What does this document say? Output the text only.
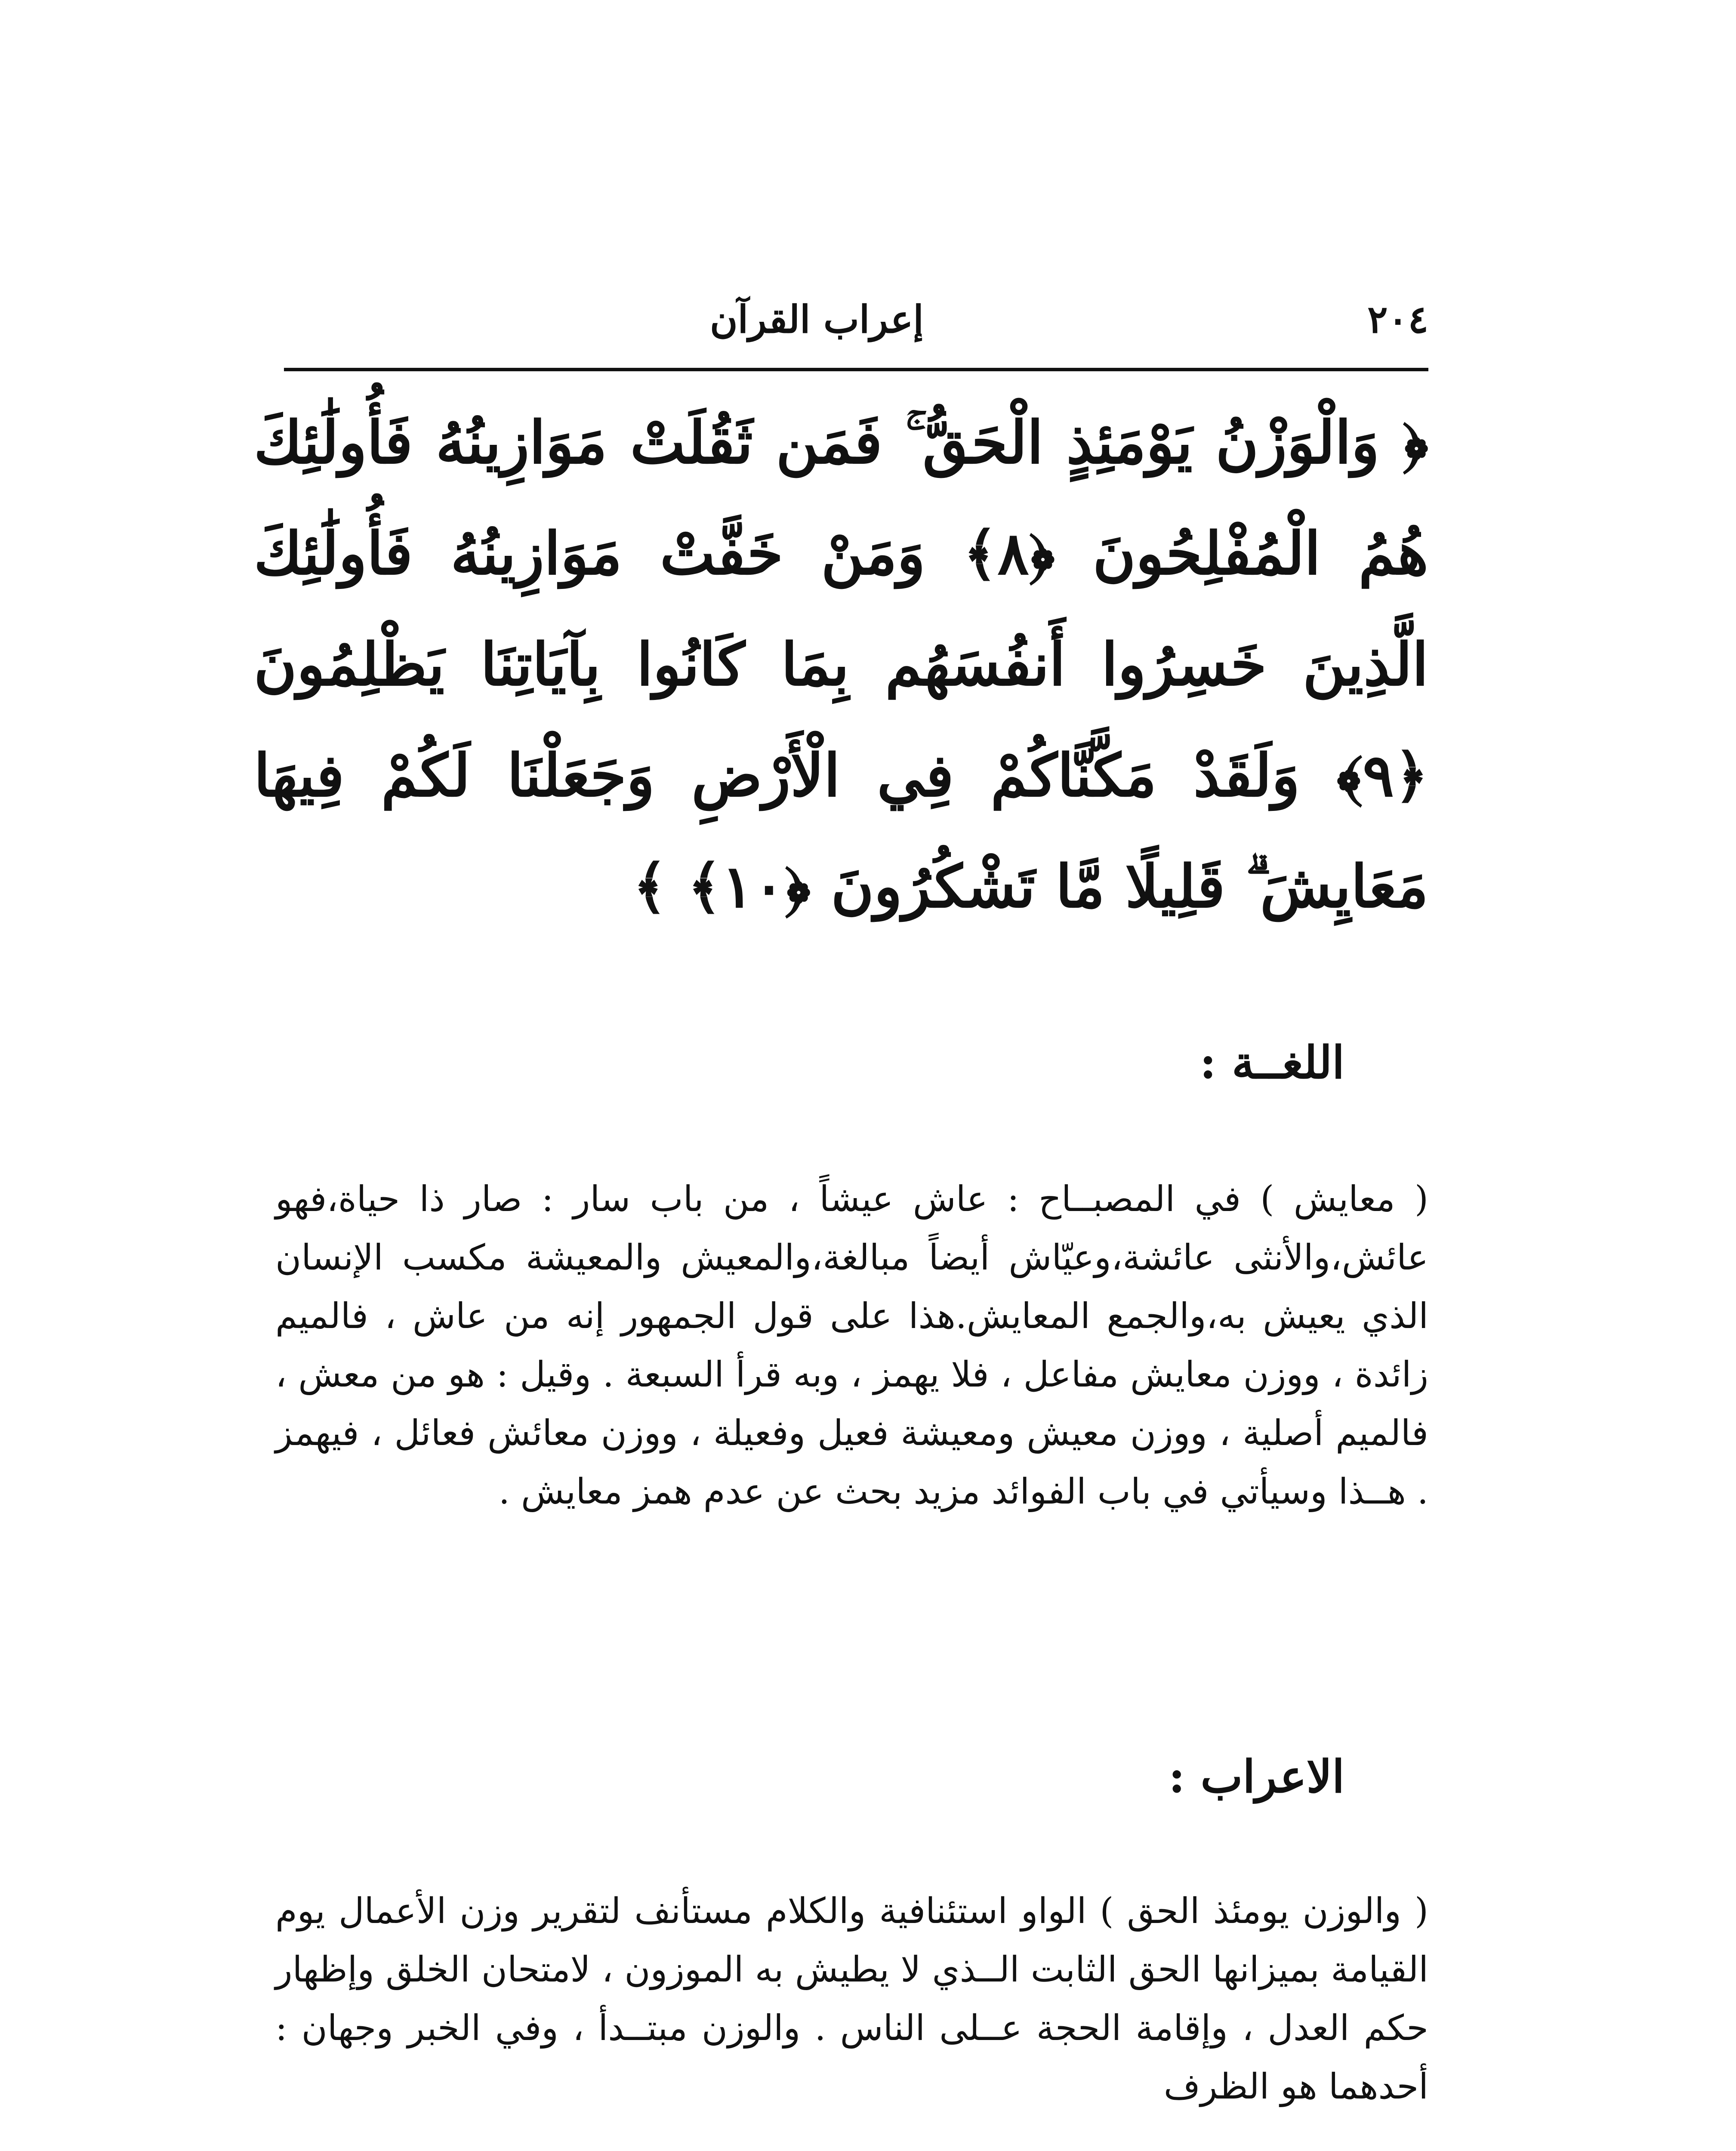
٢٠٤
إعراب القرآن
﴿ وَالْوَزْنُ يَوْمَئِذٍ الْحَقُّ ۚ فَمَن ثَقُلَتْ مَوَازِينُهُ فَأُولَٰئِكَ هُمُ الْمُفْلِحُونَ ﴿٨﴾ وَمَنْ خَفَّتْ مَوَازِينُهُ فَأُولَٰئِكَ الَّذِينَ خَسِرُوا أَنفُسَهُم بِمَا كَانُوا بِآيَاتِنَا يَظْلِمُونَ ﴿٩﴾ وَلَقَدْ مَكَّنَّاكُمْ فِي الْأَرْضِ وَجَعَلْنَا لَكُمْ فِيهَا مَعَايِشَ ۗ قَلِيلًا مَّا تَشْكُرُونَ ﴿١٠﴾ ﴾
اللغــة :
( معايش ) في المصبــاح : عاش عيشاً ، من باب سار : صار ذا حياة،فهو عائش،والأنثى عائشة،وعيّاش أيضاً مبالغة،والمعيش والمعيشة مكسب الإنسان الذي يعيش به،والجمع المعايش.هذا على قول الجمهور إنه من عاش ، فالميم زائدة ، ووزن معايش مفاعل ، فلا يهمز ، وبه قرأ السبعة . وقيل : هو من معش ، فالميم أصلية ، ووزن معيش ومعيشة فعيل وفعيلة ، ووزن معائش فعائل ، فيهمز . هــذا وسيأتي في باب الفوائد مزيد بحث عن عدم همز معايش .
الاعراب :
( والوزن يومئذ الحق ) الواو استئنافية والكلام مستأنف لتقرير وزن الأعمال يوم القيامة بميزانها الحق الثابت الــذي لا يطيش به الموزون ، لامتحان الخلق وإظهار حكم العدل ، وإقامة الحجة عــلى الناس . والوزن مبتــدأ ، وفي الخبر وجهان : أحدهما هو الظرف
